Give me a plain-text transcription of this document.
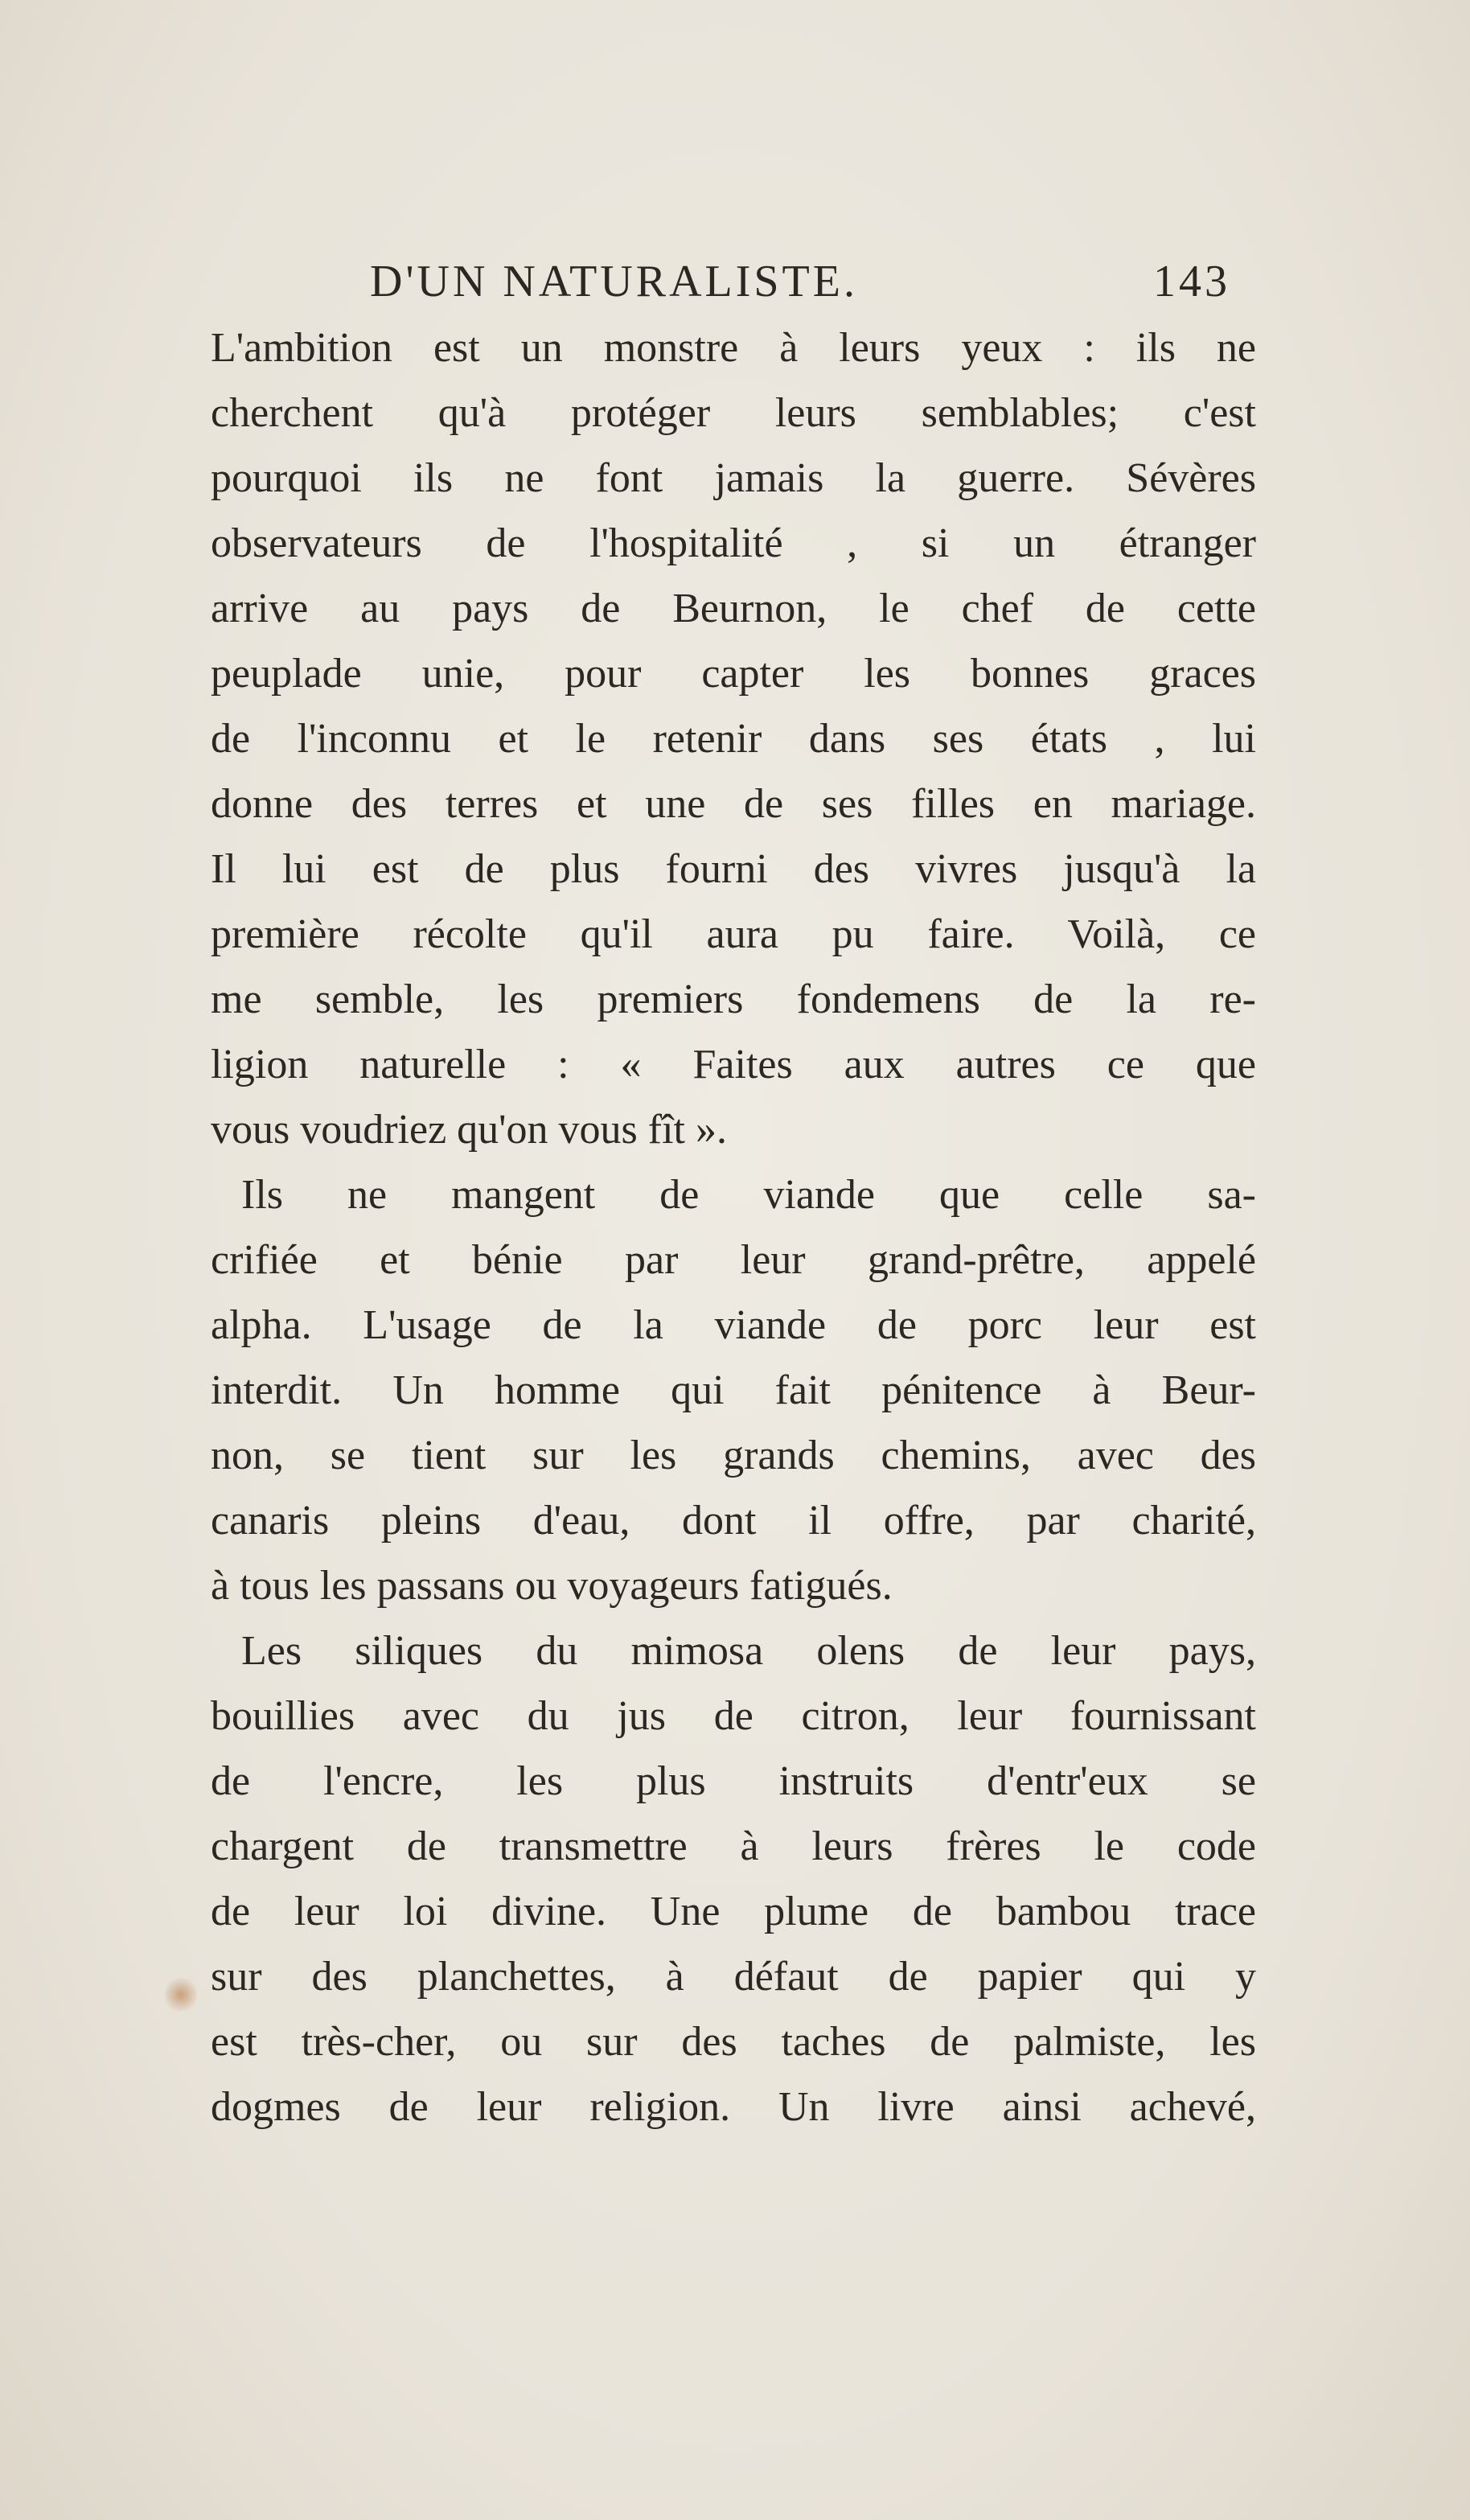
D'UN NATURALISTE.	143
L'ambition est un monstre à leurs yeux : ils ne
cherchent qu'à protéger leurs semblables; c'est
pourquoi ils ne font jamais la guerre. Sévères
observateurs de l'hospitalité , si un étranger
arrive au pays de Beurnon, le chef de cette
peuplade unie, pour capter les bonnes graces
de l'inconnu et le retenir dans ses états , lui
donne des terres et une de ses filles en mariage.
Il lui est de plus fourni des vivres jusqu'à la
première récolte qu'il aura pu faire. Voilà, ce
me semble, les premiers fondemens de la re-
ligion naturelle : « Faites aux autres ce que
vous voudriez qu'on vous fît ».
Ils ne mangent de viande que celle sa-
crifiée et bénie par leur grand-prêtre, appelé
alpha. L'usage de la viande de porc leur est
interdit. Un homme qui fait pénitence à Beur-
non, se tient sur les grands chemins, avec des
canaris pleins d'eau, dont il offre, par charité,
à tous les passans ou voyageurs fatigués.
Les siliques du mimosa olens de leur pays,
bouillies avec du jus de citron, leur fournissant
de l'encre, les plus instruits d'entr'eux se
chargent de transmettre à leurs frères le code
de leur loi divine. Une plume de bambou trace
sur des planchettes, à défaut de papier qui y
est très-cher, ou sur des taches de palmiste, les
dogmes de leur religion. Un livre ainsi achevé,
